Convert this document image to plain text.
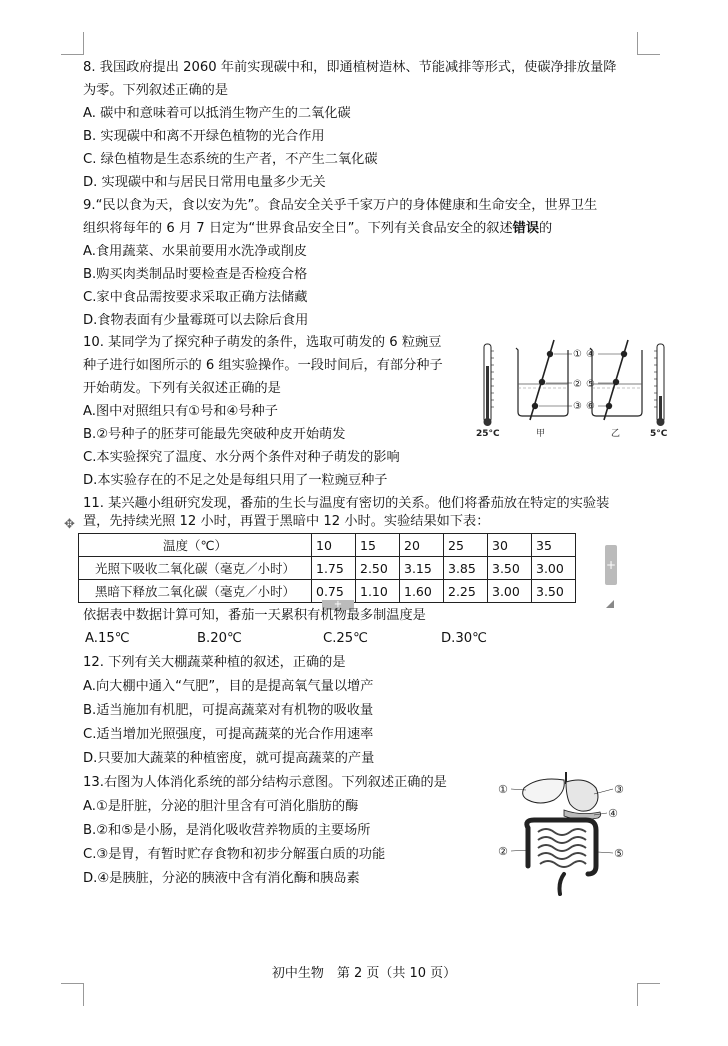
8. 我国政府提出 2060 年前实现碳中和，即通植树造林、节能减排等形式，使碳净排放量降
为零。下列叙述正确的是
A. 碳中和意味着可以抵消生物产生的二氧化碳
B. 实现碳中和离不开绿色植物的光合作用
C. 绿色植物是生态系统的生产者，不产生二氧化碳
D. 实现碳中和与居民日常用电量多少无关
9.“民以食为天，食以安为先”。食品安全关乎千家万户的身体健康和生命安全，世界卫生
组织将每年的 6 月 7 日定为“世界食品安全日”。下列有关食品安全的叙述错误的
A.食用蔬菜、水果前要用水洗净或削皮
B.购买肉类制品时要检查是否检疫合格
C.家中食品需按要求采取正确方法储藏
D.食物表面有少量霉斑可以去除后食用
10. 某同学为了探究种子萌发的条件，选取可萌发的 6 粒豌豆
种子进行如图所示的 6 组实验操作。一段时间后，有部分种子
开始萌发。下列有关叙述正确的是
A.图中对照组只有①号和④号种子
B.②号种子的胚芽可能最先突破种皮开始萌发
C.本实验探究了温度、水分两个条件对种子萌发的影响
D.本实验存在的不足之处是每组只用了一粒豌豆种子
①
②
③
④
⑤
⑥
25°C	甲	乙	5°C
11. 某兴趣小组研究发现，番茄的生长与温度有密切的关系。他们将番茄放在特定的实验装
置，先持续光照 12 小时，再置于黑暗中 12 小时。实验结果如下表：
✥
温度（℃）	10	15	20	25	30	35
光照下吸收二氧化碳（毫克／小时）	1.75	2.50	3.15	3.85	3.50	3.00
黑暗下释放二氧化碳（毫克／小时）	0.75	1.10	1.60	2.25	3.00	3.50
+
+
依据表中数据计算可知，番茄一天累积有机物最多制温度是
A.15℃	B.20℃	C.25℃	D.30℃
12. 下列有关大棚蔬菜种植的叙述，正确的是
A.向大棚中通入“气肥”，目的是提高氧气量以增产
B.适当施加有机肥，可提高蔬菜对有机物的吸收量
C.适当增加光照强度，可提高蔬菜的光合作用速率
D.只要加大蔬菜的种植密度，就可提高蔬菜的产量
13.右图为人体消化系统的部分结构示意图。下列叙述正确的是
A.①是肝脏，分泌的胆汁里含有可消化脂肪的酶
B.②和⑤是小肠，是消化吸收营养物质的主要场所
C.③是胃，有暂时贮存食物和初步分解蛋白质的功能
D.④是胰脏，分泌的胰液中含有消化酶和胰岛素
①
②
③
④
⑤
初中生物　第 2 页（共 10 页）
